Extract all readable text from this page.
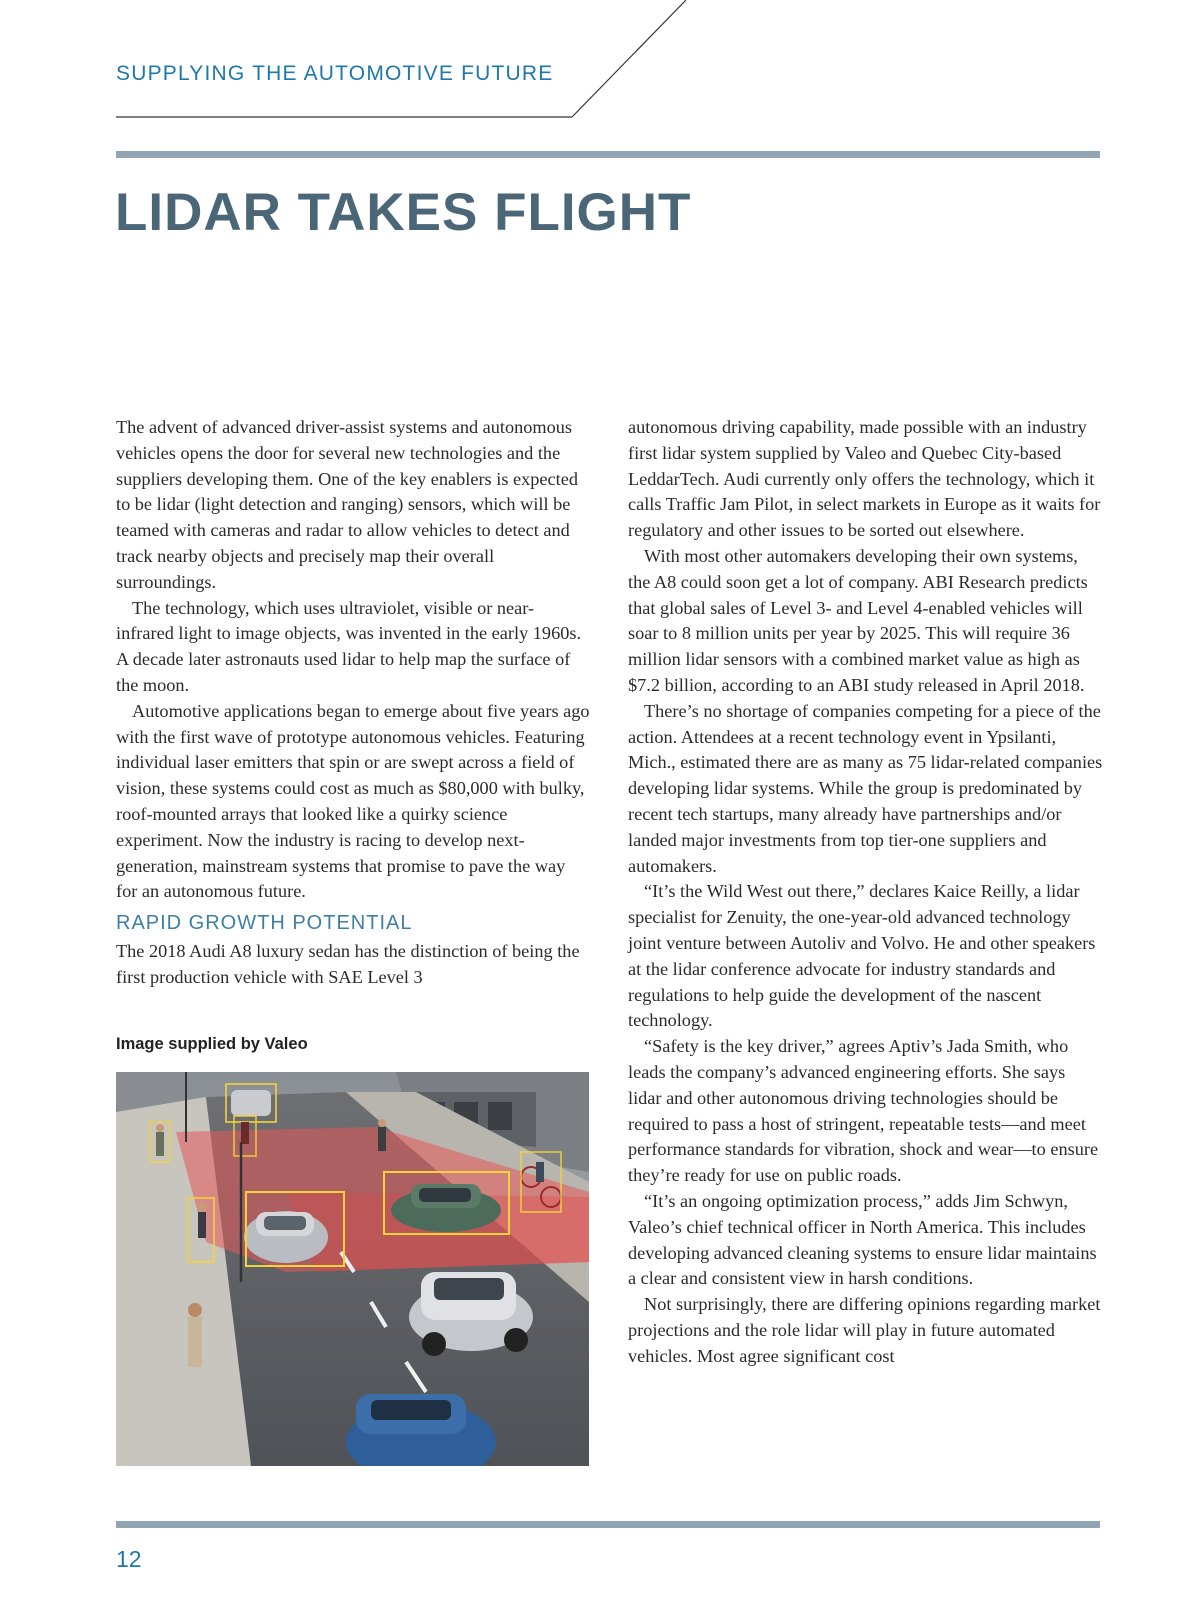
SUPPLYING THE AUTOMOTIVE FUTURE
LIDAR TAKES FLIGHT

The advent of advanced driver-assist systems and autonomous vehicles opens the door for several new technologies and the suppliers developing them. One of the key enablers is expected to be lidar (light detection and ranging) sensors, which will be teamed with cameras and radar to allow vehicles to detect and track nearby objects and precisely map their overall surroundings.

The technology, which uses ultraviolet, visible or near-infrared light to image objects, was invented in the early 1960s. A decade later astronauts used lidar to help map the surface of the moon.

Automotive applications began to emerge about five years ago with the first wave of prototype autonomous vehicles. Featuring individual laser emitters that spin or are swept across a field of vision, these systems could cost as much as $80,000 with bulky, roof-mounted arrays that looked like a quirky science experiment. Now the industry is racing to develop next-generation, mainstream systems that promise to pave the way for an autonomous future.

RAPID GROWTH POTENTIAL

The 2018 Audi A8 luxury sedan has the distinction of being the first production vehicle with SAE Level 3

Image supplied by Valeo

autonomous driving capability, made possible with an industry first lidar system supplied by Valeo and Quebec City-based LeddarTech. Audi currently only offers the technology, which it calls Traffic Jam Pilot, in select markets in Europe as it waits for regulatory and other issues to be sorted out elsewhere.

With most other automakers developing their own systems, the A8 could soon get a lot of company. ABI Research predicts that global sales of Level 3- and Level 4-enabled vehicles will soar to 8 million units per year by 2025. This will require 36 million lidar sensors with a combined market value as high as $7.2 billion, according to an ABI study released in April 2018.

There’s no shortage of companies competing for a piece of the action. Attendees at a recent technology event in Ypsilanti, Mich., estimated there are as many as 75 lidar-related companies developing lidar systems. While the group is predominated by recent tech startups, many already have partnerships and/or landed major investments from top tier-one suppliers and automakers.

“It’s the Wild West out there,” declares Kaice Reilly, a lidar specialist for Zenuity, the one-year-old advanced technology joint venture between Autoliv and Volvo. He and other speakers at the lidar conference advocate for industry standards and regulations to help guide the development of the nascent technology.

“Safety is the key driver,” agrees Aptiv’s Jada Smith, who leads the company’s advanced engineering efforts. She says lidar and other autonomous driving technologies should be required to pass a host of stringent, repeatable tests—and meet performance standards for vibration, shock and wear—to ensure they’re ready for use on public roads.

“It’s an ongoing optimization process,” adds Jim Schwyn, Valeo’s chief technical officer in North America. This includes developing advanced cleaning systems to ensure lidar maintains a clear and consistent view in harsh conditions.

Not surprisingly, there are differing opinions regarding market projections and the role lidar will play in future automated vehicles. Most agree significant cost

12
